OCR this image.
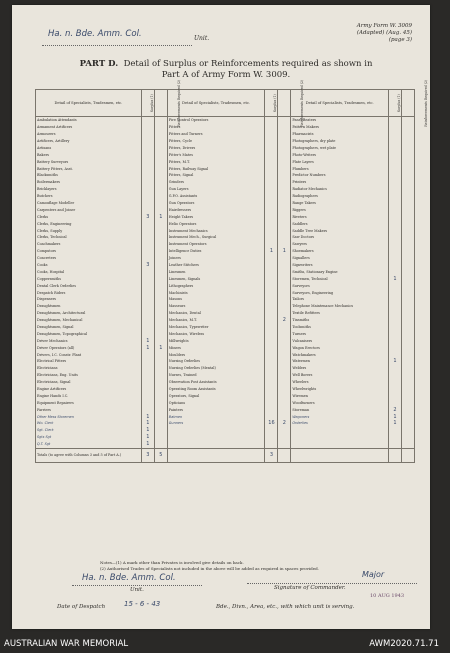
Ha. n. Bde. Amm. Col.	Unit.
Army Form W. 3009
(Adapted) (Aug. 45)
(page 3)
PART D. Detail of Surplus or Reinforcements required as shown in
Part A of Army Form W. 3009.
Detail of Specialists, Tradesmen, etc.	Surplus (1)	Reinforcements Required (2)	Detail of Specialists, Tradesmen, etc.	Surplus (1)	Reinforcements Required (2)	Detail of Specialists, Tradesmen, etc.	Surplus (1)	Reinforcements Required (2)
Ambulation Attendants			Fire Control Operators			Panel Beaters		
Armament Artificers			Fitters			Pattern Makers		
Armourers			Fitters and Turners			Pharmacists		
Artificers, Artillery			Fitters, Cycle			Photographers, dry plate		
Artisans			Fitters, Drivers			Photographers, wet plate		
Bakers			Fitter's Mates			Photo-Writers		
Battery Surveyors			Fitters, M.T.			Plate Layers		
Battery Fitters, Asst.			Fitters, Railway Signal			Plumbers		
Blacksmiths			Fitters, Signal			Predictor Numbers		
Boilermakers			Grinders			Printers		
Bricklayers			Gun Layers			Radiator Mechanics		
Butchers			G.P.O. Assistants			Radiographers		
Camouflage Modeller			Gun Operators			Range Takers		
Carpenters and Joiner			Hairdressers			Riggers		
Clerks	3	1	Height Takers			Riveters		
Clerks, Engineering			Helio Operators			Saddlers		
Clerks, Supply			Instrument Mechanics			Saddle Tree Makers		
Clerks, Technical			Instrument Mech., Surgical			Saw Doctors		
Coachmakers			Instrument Operators			Sawyers		
Computors			Intelligence Duties	1	1	Shoemakers		
Concreters			Joiners			Signallers		
Cooks	3		Leather Stitchers			Signwriters		
Cooks, Hospital			Linesmen			Smiths, Stationary Engine		
Coppersmiths			Linesmen, Signals			Storemen, Technical	1	
Dental Clerk Orderlies			Lithographers			Surveyors		
Despatch Riders			Machinists			Surveyors, Engineering		
Dispensers			Masons			Tailors		
Draughtsmen			Masseurs			Telephone Maintenance Mechanics		
Draughtsmen, Architectural			Mechanics, Dental			Textile Refitters		
Draughtsmen, Mechanical			Mechanics, M.T.		2	Tinsmiths		
Draughtsmen, Signal			Mechanics, Typewriter			Toolsmiths		
Draughtsmen, Topographical			Mechanics, Wireless			Turners		
Driver Mechanics	1		Millwrights			Vulcanisers		
Driver Operators (all)	1	1	Miners			Wagon Erectors		
Drivers, I.C. Constr. Plant			Moulders			Watchmakers		
Electrical Fitters			Nursing Orderlies			Watermen	1	
Electricians			Nursing Orderlies (Mental)			Welders		
Electricians, Eng. Units			Nurses, Trained			Well Borers		
Electricians, Signal			Observation Post Assistants			Wheelers		
Engine Artificers			Operating Room Assistants			Wheelwrights		
Engine Hands I.C.			Operators, Signal			Wiremen		
Equipment Repairers			Opticians			Woodturners		
Farriers			Painters			Storeman	2	
Other Mess Storemen	1		Batmen			Wagoners	1	
Wo. Clerk	1		Gunners	16	2	Orderlies	1	
Sgt. Clerk	1							
Sgts Sgt	1							
Q.T. Sgt	1							
Totals (to agree with Columns 3 and 5 of Part A.)	3	5		3				
Notes—(1) A mark other than Privates is involved give details on back.
(2) Authorised Trades of Specialists not included in the above will be added as required in spaces provided.
Ha. n. Bde. Amm. Col.
Unit.
Major
Signature of Commander.
Date of Despatch	15 - 6 - 43	Bde., Divn., Area, etc., with which unit is serving.
10 AUG 1943
AUSTRALIAN WAR MEMORIAL	AWM2020.71.71
